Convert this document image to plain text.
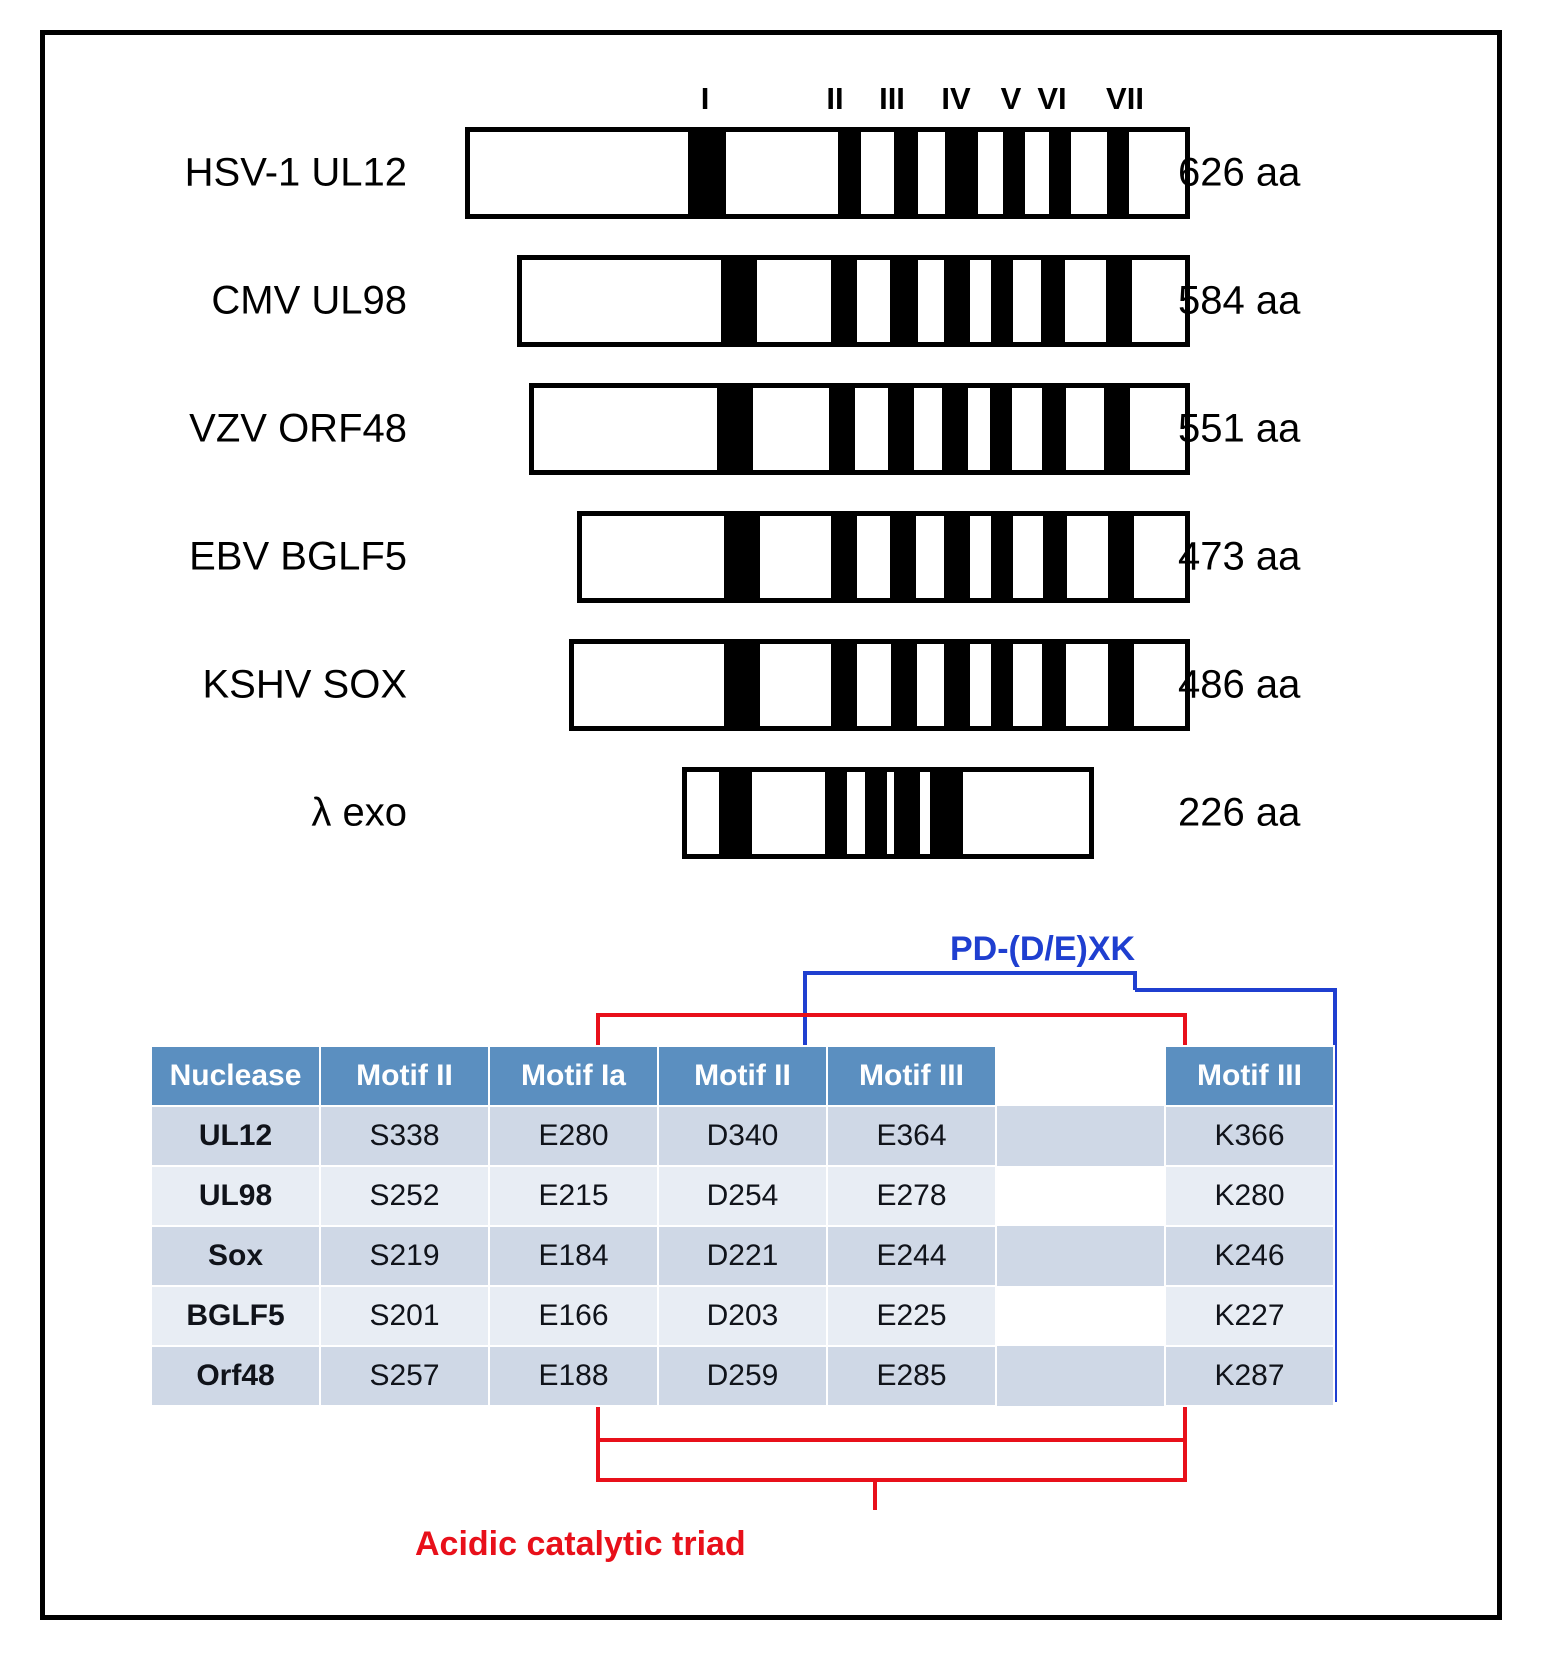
I	II III IV V VI VII
HSV-1 UL12	626 aa
CMV UL98	584 aa
VZV ORF48	551 aa
EBV BGLF5	473 aa
KSHV SOX	486 aa
λ exo	226 aa
PD-(D/E)XK
Acidic catalytic triad
Nuclease	Motif II	Motif Ia	Motif II	Motif III		Motif III
UL12	S338	E280	D340	E364		K366
UL98	S252	E215	D254	E278		K280
Sox	S219	E184	D221	E244		K246
BGLF5	S201	E166	D203	E225		K227
Orf48	S257	E188	D259	E285		K287
